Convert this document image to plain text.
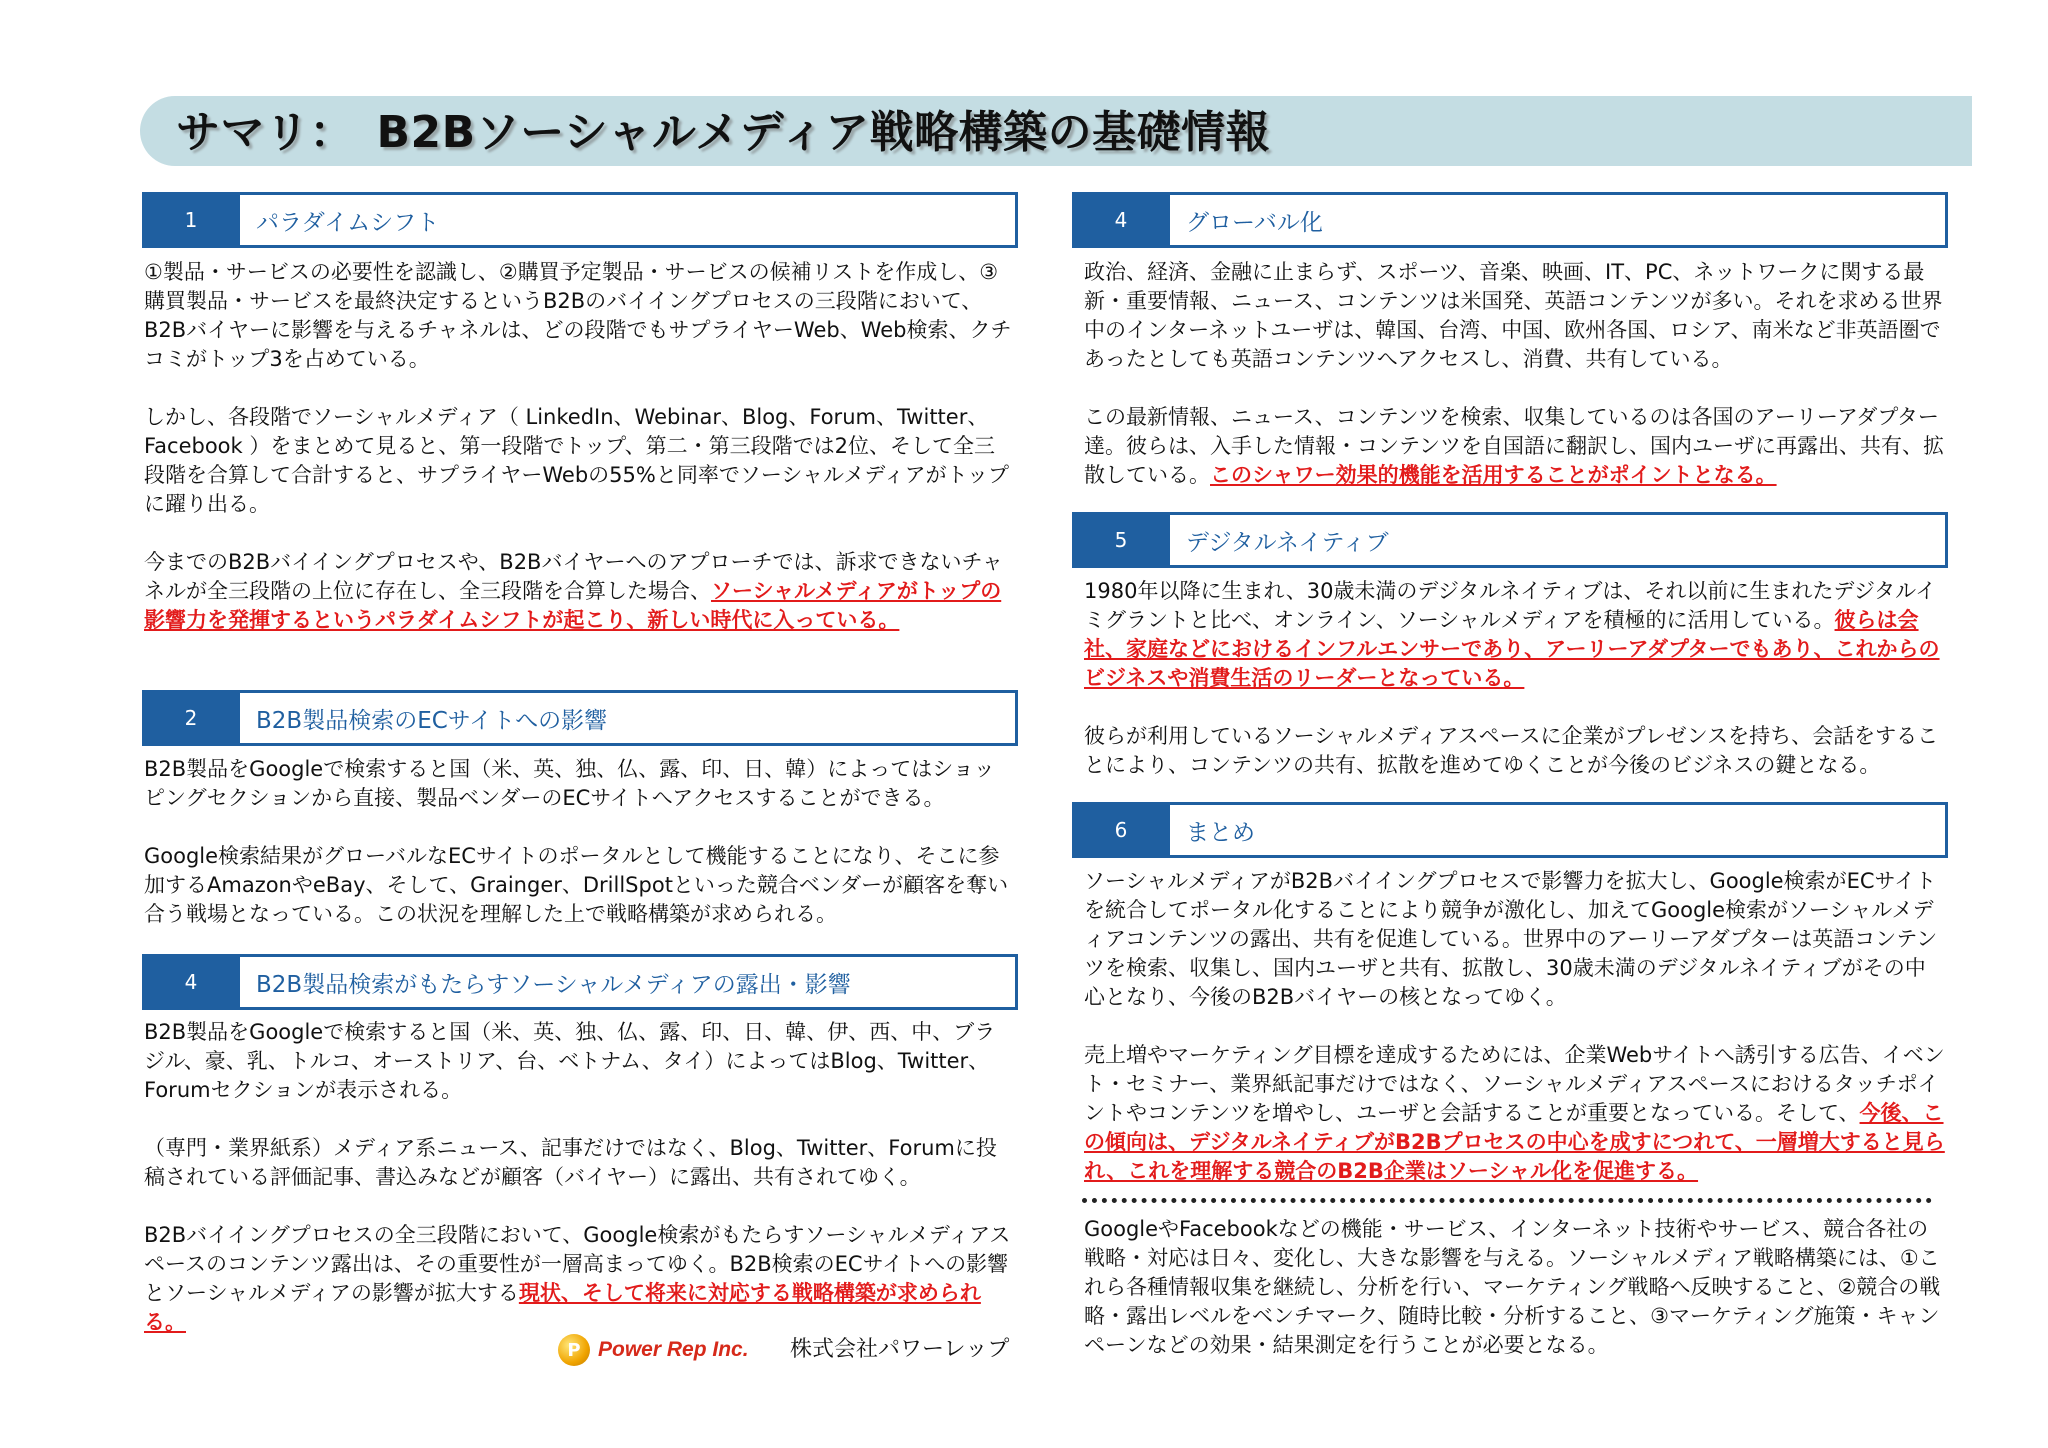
サマリ：　B2Bソーシャルメディア戦略構築の基礎情報
1	パラダイムシフト

①製品・サービスの必要性を認識し、②購買予定製品・サービスの候補リストを作成し、③購買製品・サービスを最終決定するというB2Bのバイイングプロセスの三段階において、B2Bバイヤーに影響を与えるチャネルは、どの段階でもサプライヤーWeb、Web検索、クチコミがトップ3を占めている。

しかし、各段階でソーシャルメディア（ LinkedIn、Webinar、Blog、Forum、Twitter、Facebook ）をまとめて見ると、第一段階でトップ、第二・第三段階では2位、そして全三段階を合算して合計すると、サプライヤーWebの55%と同率でソーシャルメディアがトップに躍り出る。

今までのB2Bバイイングプロセスや、B2Bバイヤーへのアプローチでは、訴求できないチャネルが全三段階の上位に存在し、全三段階を合算した場合、ソーシャルメディアがトップの影響力を発揮するというパラダイムシフトが起こり、新しい時代に入っている。

2	B2B製品検索のECサイトへの影響

B2B製品をGoogleで検索すると国（米、英、独、仏、露、印、日、韓）によってはショッピングセクションから直接、製品ベンダーのECサイトへアクセスすることができる。

Google検索結果がグローバルなECサイトのポータルとして機能することになり、そこに参加するAmazonやeBay、そして、Grainger、DrillSpotといった競合ベンダーが顧客を奪い合う戦場となっている。この状況を理解した上で戦略構築が求められる。

4	B2B製品検索がもたらすソーシャルメディアの露出・影響

B2B製品をGoogleで検索すると国（米、英、独、仏、露、印、日、韓、伊、西、中、ブラジル、豪、乳、トルコ、オーストリア、台、ベトナム、タイ）によってはBlog、Twitter、Forumセクションが表示される。

（専門・業界紙系）メディア系ニュース、記事だけではなく、Blog、Twitter、Forumに投稿されている評価記事、書込みなどが顧客（バイヤー）に露出、共有されてゆく。

B2Bバイイングプロセスの全三段階において、Google検索がもたらすソーシャルメディアスペースのコンテンツ露出は、その重要性が一層高まってゆく。B2B検索のECサイトへの影響とソーシャルメディアの影響が拡大する現状、そして将来に対応する戦略構築が求められる。

4	グローバル化

政治、経済、金融に止まらず、スポーツ、音楽、映画、IT、PC、ネットワークに関する最新・重要情報、ニュース、コンテンツは米国発、英語コンテンツが多い。それを求める世界中のインターネットユーザは、韓国、台湾、中国、欧州各国、ロシア、南米など非英語圏であったとしても英語コンテンツへアクセスし、消費、共有している。

この最新情報、ニュース、コンテンツを検索、収集しているのは各国のアーリーアダプター達。彼らは、入手した情報・コンテンツを自国語に翻訳し、国内ユーザに再露出、共有、拡散している。このシャワー効果的機能を活用することがポイントとなる。

5	デジタルネイティブ

1980年以降に生まれ、30歳未満のデジタルネイティブは、それ以前に生まれたデジタルイミグラントと比べ、オンライン、ソーシャルメディアを積極的に活用している。彼らは会社、家庭などにおけるインフルエンサーであり、アーリーアダプターでもあり、これからのビジネスや消費生活のリーダーとなっている。

彼らが利用しているソーシャルメディアスペースに企業がプレゼンスを持ち、会話をすることにより、コンテンツの共有、拡散を進めてゆくことが今後のビジネスの鍵となる。

6	まとめ

ソーシャルメディアがB2Bバイイングプロセスで影響力を拡大し、Google検索がECサイトを統合してポータル化することにより競争が激化し、加えてGoogle検索がソーシャルメディアコンテンツの露出、共有を促進している。世界中のアーリーアダプターは英語コンテンツを検索、収集し、国内ユーザと共有、拡散し、30歳未満のデジタルネイティブがその中心となり、今後のB2Bバイヤーの核となってゆく。

売上増やマーケティング目標を達成するためには、企業Webサイトへ誘引する広告、イベント・セミナー、業界紙記事だけではなく、ソーシャルメディアスペースにおけるタッチポイントやコンテンツを増やし、ユーザと会話することが重要となっている。そして、今後、この傾向は、デジタルネイティブがB2Bプロセスの中心を成すにつれて、一層増大すると見られ、これを理解する競合のB2B企業はソーシャル化を促進する。

GoogleやFacebookなどの機能・サービス、インターネット技術やサービス、競合各社の戦略・対応は日々、変化し、大きな影響を与える。ソーシャルメディア戦略構築には、①これら各種情報収集を継続し、分析を行い、マーケティング戦略へ反映すること、②競合の戦略・露出レベルをベンチマーク、随時比較・分析すること、③マーケティング施策・キャンペーンなどの効果・結果測定を行うことが必要となる。

P Power Rep Inc. 株式会社パワーレップ
